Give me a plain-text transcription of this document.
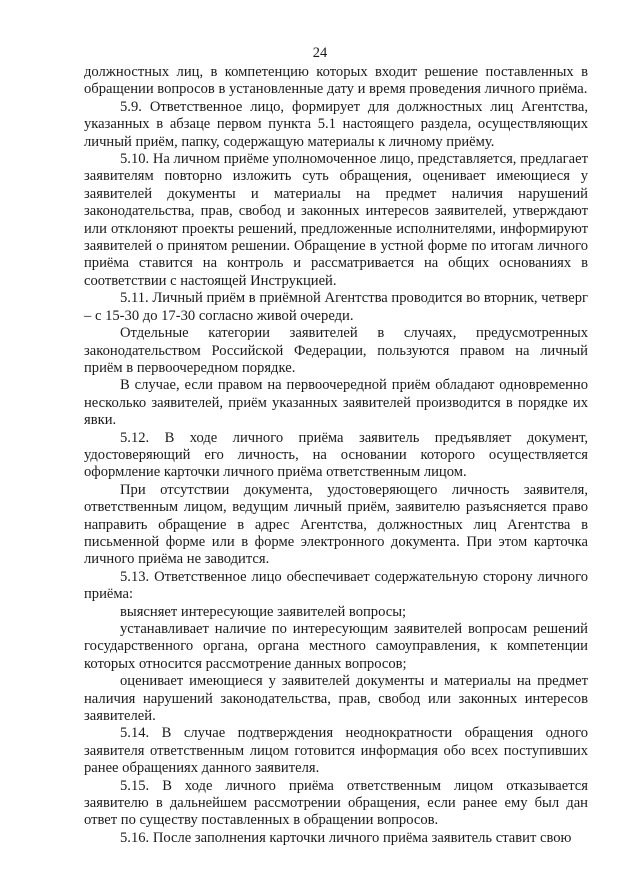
24

должностных лиц, в компетенцию которых входит решение поставленных в обращении вопросов в установленные дату и время проведения личного приёма.

5.9. Ответственное лицо, формирует для должностных лиц Агентства, указанных в абзаце первом пункта 5.1 настоящего раздела, осуществляющих личный приём, папку, содержащую материалы к личному приёму.

5.10. На личном приёме уполномоченное лицо, представляется, предлагает заявителям повторно изложить суть обращения, оценивает имеющиеся у заявителей документы и материалы на предмет наличия нарушений законодательства, прав, свобод и законных интересов заявителей, утверждают или отклоняют проекты решений, предложенные исполнителями, информируют заявителей о принятом решении. Обращение в устной форме по итогам личного приёма ставится на контроль и рассматривается на общих основаниях в соответствии с настоящей Инструкцией.

5.11. Личный приём в приёмной Агентства проводится во вторник, четверг – с 15-30 до 17-30 согласно живой очереди.

Отдельные категории заявителей в случаях, предусмотренных законодательством Российской Федерации, пользуются правом на личный приём в первоочередном порядке.

В случае, если правом на первоочередной приём обладают одновременно несколько заявителей, приём указанных заявителей производится в порядке их явки.

5.12. В ходе личного приёма заявитель предъявляет документ, удостоверяющий его личность, на основании которого осуществляется оформление карточки личного приёма ответственным лицом.

При отсутствии документа, удостоверяющего личность заявителя, ответственным лицом, ведущим личный приём, заявителю разъясняется право направить обращение в адрес Агентства, должностных лиц Агентства в письменной форме или в форме электронного документа. При этом карточка личного приёма не заводится.

5.13. Ответственное лицо обеспечивает содержательную сторону личного приёма:

выясняет интересующие заявителей вопросы;

устанавливает наличие по интересующим заявителей вопросам решений государственного органа, органа местного самоуправления, к компетенции которых относится рассмотрение данных вопросов;

оценивает имеющиеся у заявителей документы и материалы на предмет наличия нарушений законодательства, прав, свобод или законных интересов заявителей.

5.14. В случае подтверждения неоднократности обращения одного заявителя ответственным лицом готовится информация обо всех поступивших ранее обращениях данного заявителя.

5.15. В ходе личного приёма ответственным лицом отказывается заявителю в дальнейшем рассмотрении обращения, если ранее ему был дан ответ по существу поставленных в обращении вопросов.

5.16. После заполнения карточки личного приёма заявитель ставит свою
